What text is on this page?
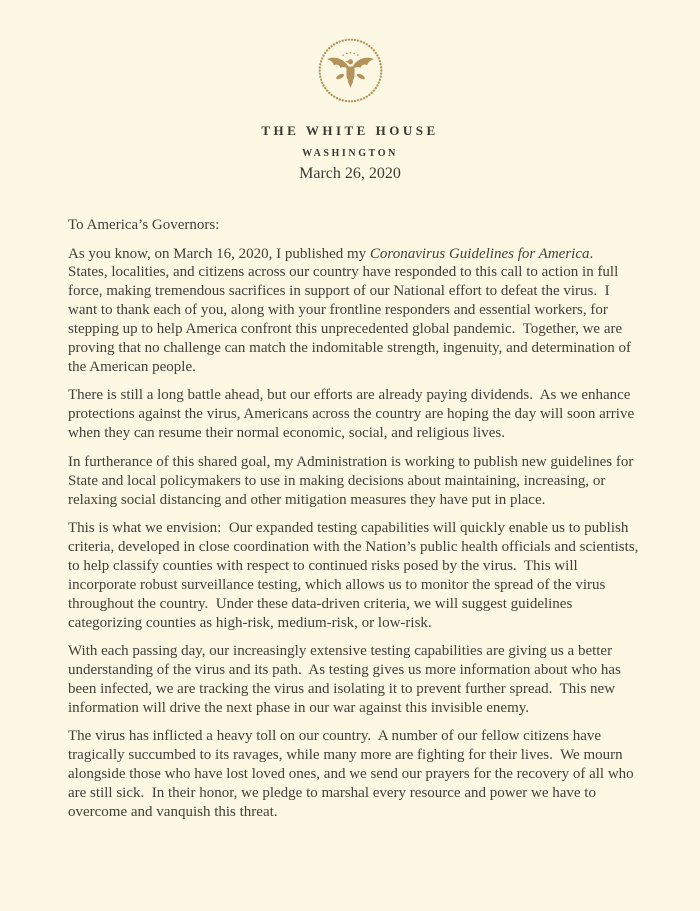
THE WHITE HOUSE
WASHINGTON
March 26, 2020

To America’s Governors:

As you know, on March 16, 2020, I published my Coronavirus Guidelines for America.  States, localities, and citizens across our country have responded to this call to action in full force, making tremendous sacrifices in support of our National effort to defeat the virus.  I want to thank each of you, along with your frontline responders and essential workers, for stepping up to help America confront this unprecedented global pandemic.  Together, we are proving that no challenge can match the indomitable strength, ingenuity, and determination of the American people.

There is still a long battle ahead, but our efforts are already paying dividends.  As we enhance protections against the virus, Americans across the country are hoping the day will soon arrive when they can resume their normal economic, social, and religious lives.

In furtherance of this shared goal, my Administration is working to publish new guidelines for State and local policymakers to use in making decisions about maintaining, increasing, or relaxing social distancing and other mitigation measures they have put in place.

This is what we envision:  Our expanded testing capabilities will quickly enable us to publish criteria, developed in close coordination with the Nation’s public health officials and scientists, to help classify counties with respect to continued risks posed by the virus.  This will incorporate robust surveillance testing, which allows us to monitor the spread of the virus throughout the country.  Under these data-driven criteria, we will suggest guidelines categorizing counties as high-risk, medium-risk, or low-risk.

With each passing day, our increasingly extensive testing capabilities are giving us a better understanding of the virus and its path.  As testing gives us more information about who has been infected, we are tracking the virus and isolating it to prevent further spread.  This new information will drive the next phase in our war against this invisible enemy.

The virus has inflicted a heavy toll on our country.  A number of our fellow citizens have tragically succumbed to its ravages, while many more are fighting for their lives.  We mourn alongside those who have lost loved ones, and we send our prayers for the recovery of all who are still sick.  In their honor, we pledge to marshal every resource and power we have to overcome and vanquish this threat.
